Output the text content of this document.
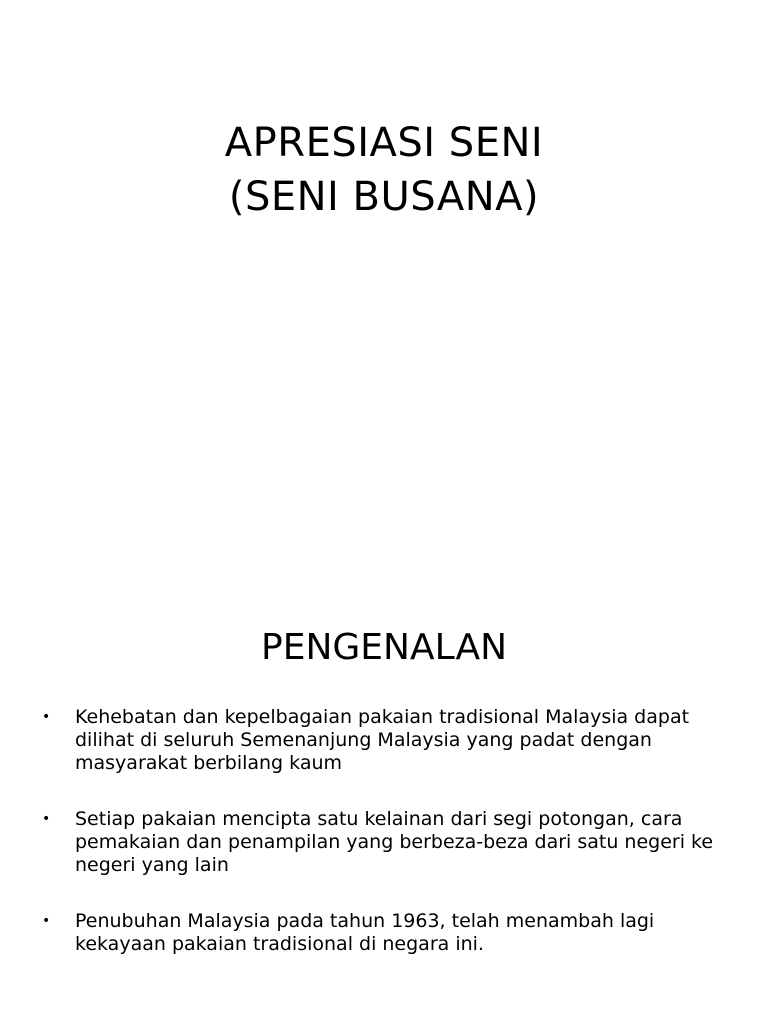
APRESIASI SENI
(SENI BUSANA)
PENGENALAN
• Kehebatan dan kepelbagaian pakaian tradisional Malaysia dapat dilihat di seluruh Semenanjung Malaysia yang padat dengan masyarakat berbilang kaum
• Setiap pakaian mencipta satu kelainan dari segi potongan, cara pemakaian dan penampilan yang berbeza-beza dari satu negeri ke negeri yang lain
• Penubuhan Malaysia pada tahun 1963, telah menambah lagi kekayaan pakaian tradisional di negara ini.
